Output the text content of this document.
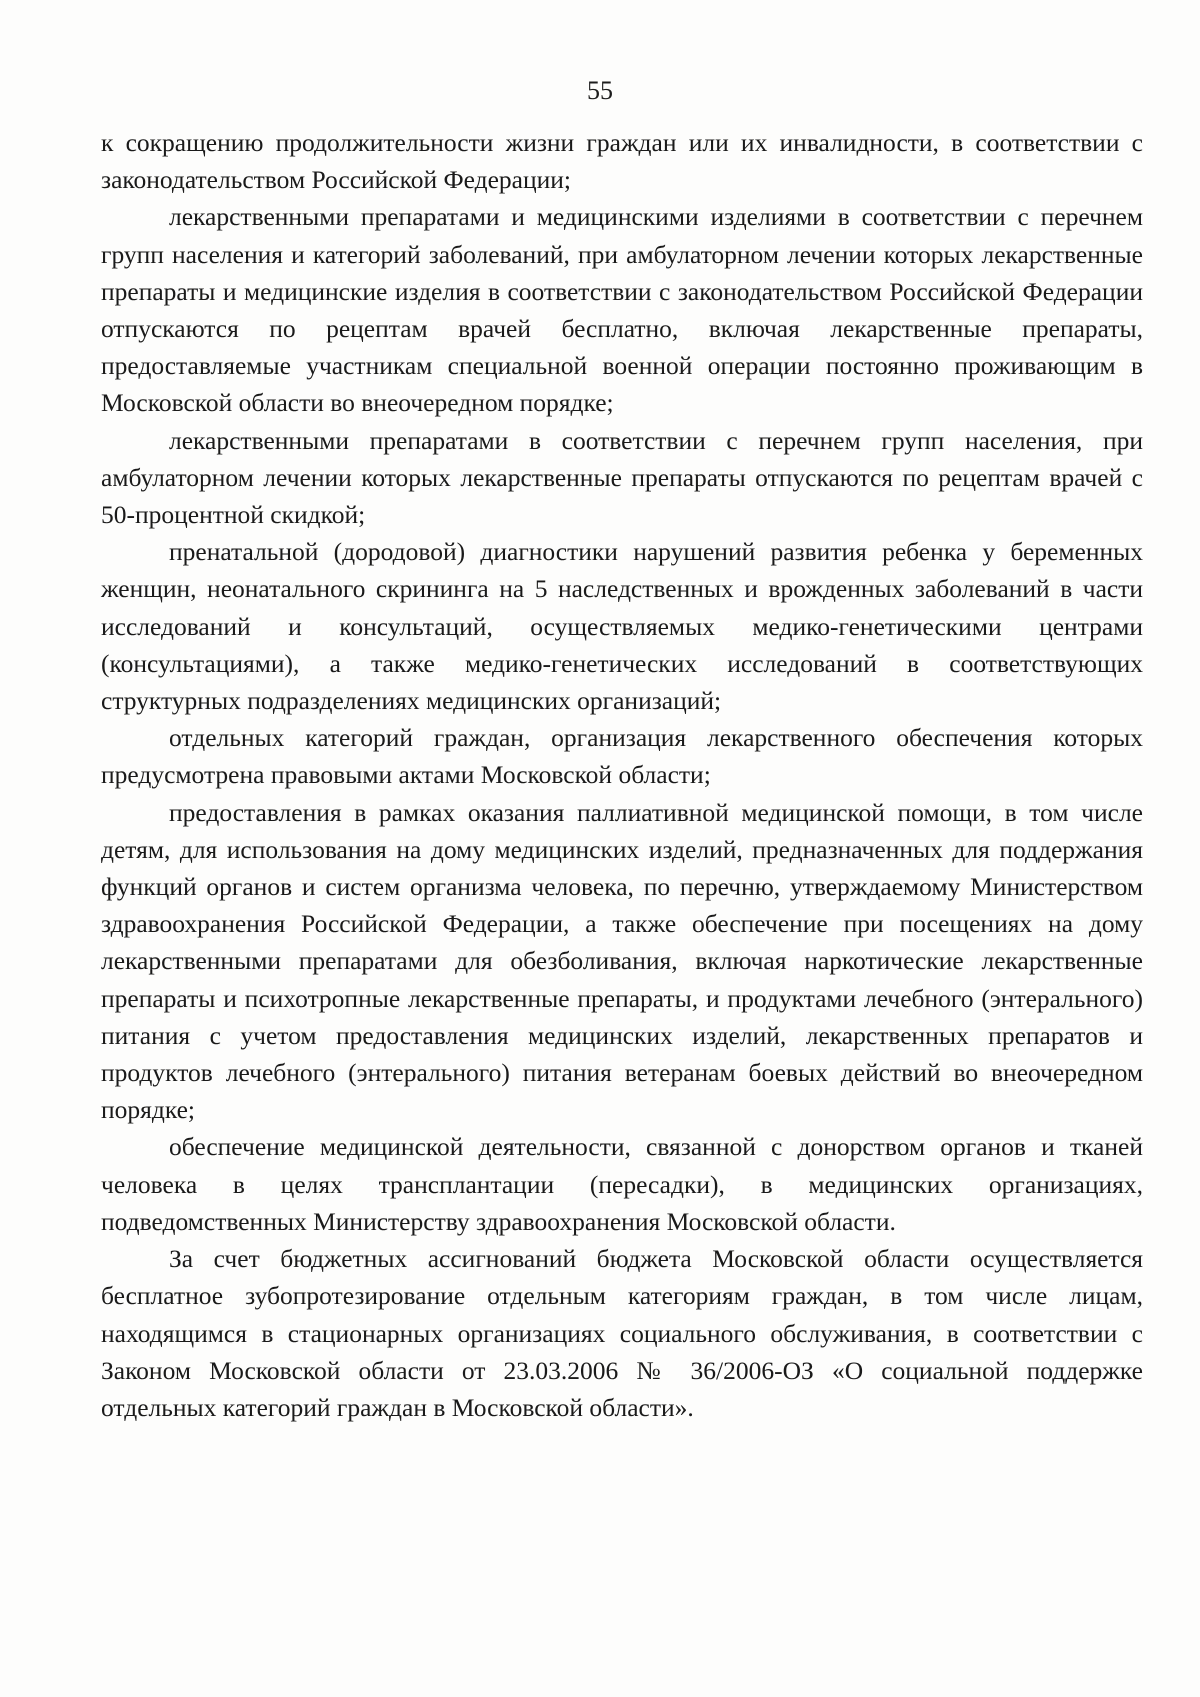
55

к сокращению продолжительности жизни граждан или их инвалидности, в соответствии с законодательством Российской Федерации;

лекарственными препаратами и медицинскими изделиями в соответствии с перечнем групп населения и категорий заболеваний, при амбулаторном лечении которых лекарственные препараты и медицинские изделия в соответствии с законодательством Российской Федерации отпускаются по рецептам врачей бесплатно, включая лекарственные препараты, предоставляемые участникам специальной военной операции постоянно проживающим в Московской области во внеочередном порядке;

лекарственными препаратами в соответствии с перечнем групп населения, при амбулаторном лечении которых лекарственные препараты отпускаются по рецептам врачей с 50-процентной скидкой;

пренатальной (дородовой) диагностики нарушений развития ребенка у беременных женщин, неонатального скрининга на 5 наследственных и врожденных заболеваний в части исследований и консультаций, осуществляемых медико-генетическими центрами (консультациями), а также медико-генетических исследований в соответствующих структурных подразделениях медицинских организаций;

отдельных категорий граждан, организация лекарственного обеспечения которых предусмотрена правовыми актами Московской области;

предоставления в рамках оказания паллиативной медицинской помощи, в том числе детям, для использования на дому медицинских изделий, предназначенных для поддержания функций органов и систем организма человека, по перечню, утверждаемому Министерством здравоохранения Российской Федерации, а также обеспечение при посещениях на дому лекарственными препаратами для обезболивания, включая наркотические лекарственные препараты и психотропные лекарственные препараты, и продуктами лечебного (энтерального) питания с учетом предоставления медицинских изделий, лекарственных препаратов и продуктов лечебного (энтерального) питания ветеранам боевых действий во внеочередном порядке;

обеспечение медицинской деятельности, связанной с донорством органов и тканей человека в целях трансплантации (пересадки), в медицинских организациях, подведомственных Министерству здравоохранения Московской области.

За счет бюджетных ассигнований бюджета Московской области осуществляется бесплатное зубопротезирование отдельным категориям граждан, в том числе лицам, находящимся в стационарных организациях социального обслуживания, в соответствии с Законом Московской области от 23.03.2006 № 36/2006-ОЗ «О социальной поддержке отдельных категорий граждан в Московской области».
